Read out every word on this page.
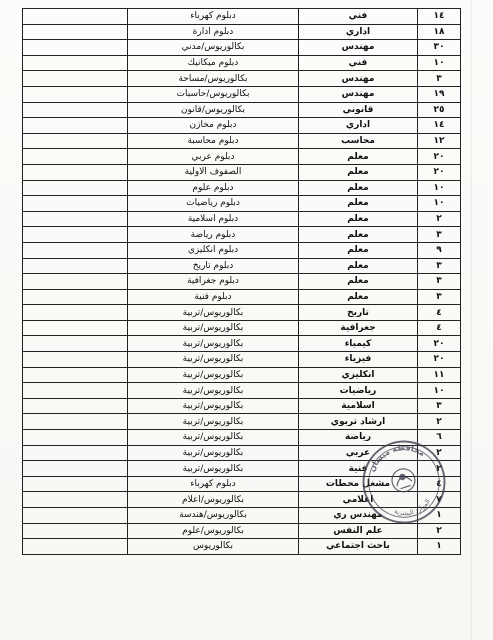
١٤	فني	دبلوم كهرباء	
١٨	اداري	دبلوم ادارة	
٣٠	مهندس	بكالوريوس/مدني	
١٠	فني	دبلوم ميكانيك	
٣	مهندس	بكالوريوس/مساحة	
١٩	مهندس	بكالوريوس/حاسبات	
٢٥	قانوني	بكالوريوس/قانون	
١٤	اداري	دبلوم مخازن	
١٢	محاسب	دبلوم محاسبة	
٢٠	معلم	دبلوم عربي	
٢٠	معلم	الصفوف الاولية	
١٠	معلم	دبلوم علوم	
١٠	معلم	دبلوم رياضيات	
٢	معلم	دبلوم اسلامية	
٣	معلم	دبلوم رياضة	
٩	معلم	دبلوم انكليزي	
٣	معلم	دبلوم تاريخ	
٣	معلم	دبلوم جغرافية	
٣	معلم	دبلوم فنية	
٤	تاريخ	بكالوريوس/تربية	
٤	جغرافية	بكالوريوس/تربية	
٢٠	كيمياء	بكالوريوس/تربية	
٢٠	فيزياء	بكالوريوس/تربية	
١١	انكليزي	بكالوريوس/تربية	
١٠	رياضيات	بكالوريوس/تربية	
٣	اسلامية	بكالوريوس/تربية	
٢	ارشاد تربوي	بكالوريوس/تربية	
٦	رياضة	بكالوريوس/تربية	
٢	عربي	بكالوريوس/تربية	
٢	فنية	بكالوريوس/تربية	
٤	مشغل محطات	دبلوم كهرباء	
٧	اعلامي	بكالوريوس/اعلام	
١	مهندس ري	بكالوريوس/هندسة	
٢	علم النفس	بكالوريوس/علوم	
١	باحث اجتماعي	بكالوريوس	
محافظة ميسان
الموارد البشرية
